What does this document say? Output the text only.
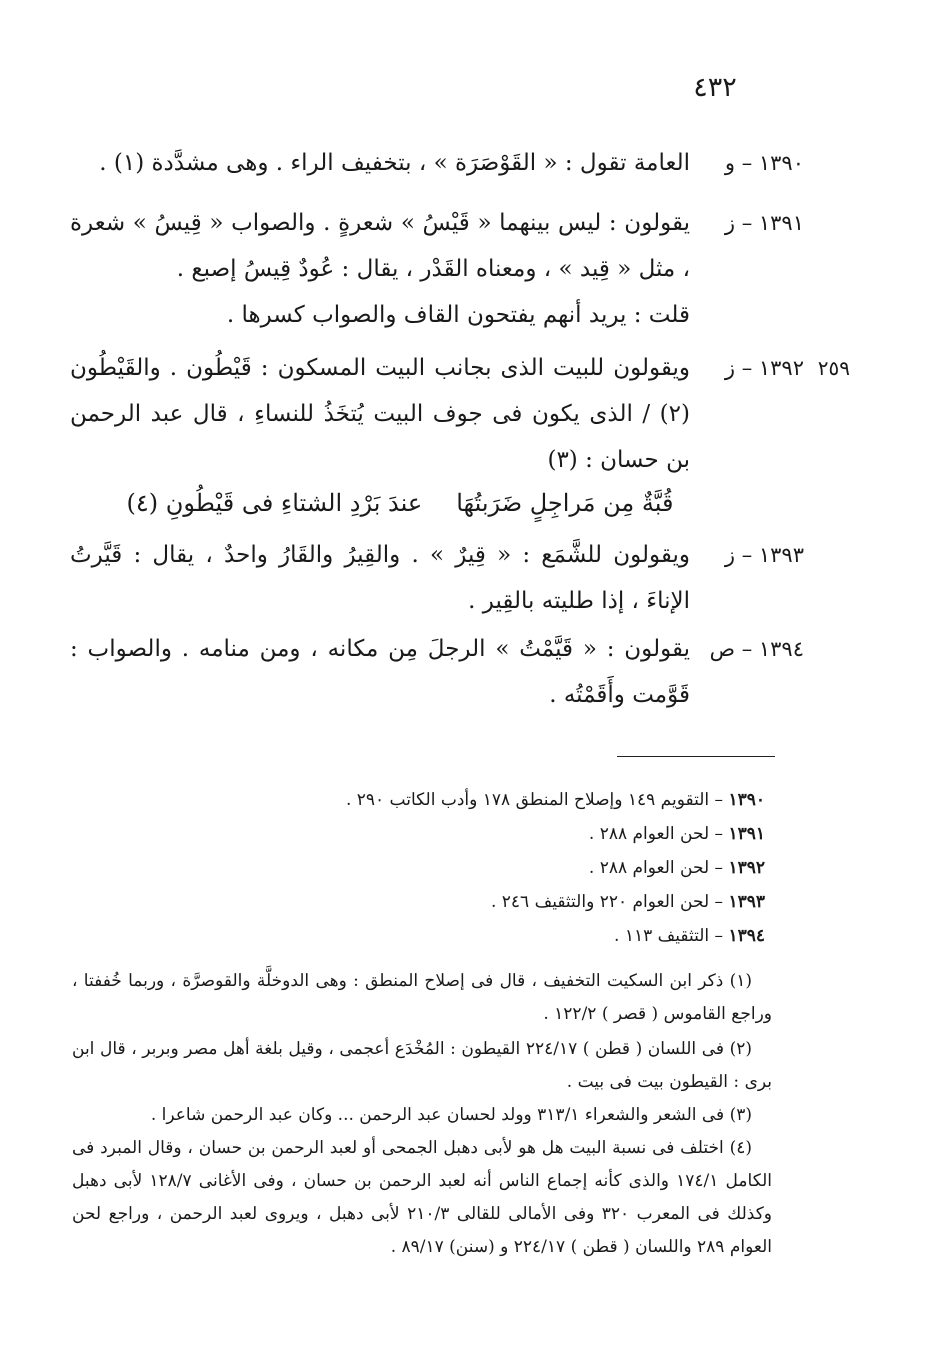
٤٣٢
١٣٩٠ – و
العامة تقول : « القَوْصَرَة » ، بتخفيف الراء . وهى مشدَّدة (١) .
١٣٩١ – ز
يقولون : ليس بينهما « قَيْسُ » شعرةٍ . والصواب « قِيسُ » شعرة ، مثل « قِيد » ، ومعناه القَدْر ، يقال : عُودٌ قِيسُ إصبع .
قلت : يريد أنهم يفتحون القاف والصواب كسرها .
٢٥٩
١٣٩٢ – ز
ويقولون للبيت الذى بجانب البيت المسكون : قَيْطُون . والقَيْطُون (٢) / الذى يكون فى جوف البيت يُتخَذُ للنساءِ ، قال عبد الرحمن بن حسان : (٣)
قُبَّةٌ مِن مَراجِلٍ ضَرَبتُهَا
عندَ بَرْدِ الشتاءِ فى قَيْطُونِ (٤)
١٣٩٣ – ز
ويقولون للشَّمَع : « قِيرٌ » . والقِيرُ والقَارُ واحدٌ ، يقال : قَيَّرتُ الإناءَ ، إذا طليته بالقِير .
١٣٩٤ – ص
يقولون : « قَيَّمْتُ » الرجلَ مِن مكانه ، ومن منامه . والصواب : قَوَّمت وأَقَمْتُه .
١٣٩٠ – التقويم ١٤٩ وإصلاح المنطق ١٧٨ وأدب الكاتب ٢٩٠ .
١٣٩١ – لحن العوام ٢٨٨ .
١٣٩٢ – لحن العوام ٢٨٨ .
١٣٩٣ – لحن العوام ٢٢٠ والتثقيف ٢٤٦ .
١٣٩٤ – التثقيف ١١٣ .
(١) ذكر ابن السكيت التخفيف ، قال فى إصلاح المنطق : وهى الدوخلَّة والقوصرَّة ، وربما خُففتا ، وراجع القاموس ( قصر ) ١٢٢/٢ .
(٢) فى اللسان ( قطن ) ٢٢٤/١٧ القيطون : المُخْدَع أعجمى ، وقيل بلغة أهل مصر وبربر ، قال ابن برى : القيطون بيت فى بيت .
(٣) فى الشعر والشعراء ٣١٣/١ وولد لحسان عبد الرحمن ... وكان عبد الرحمن شاعرا .
(٤) اختلف فى نسبة البيت هل هو لأبى دهبل الجمحى أو لعبد الرحمن بن حسان ، وقال المبرد فى الكامل ١٧٤/١ والذى كأنه إجماع الناس أنه لعبد الرحمن بن حسان ، وفى الأغانى ١٢٨/٧ لأبى دهبل وكذلك فى المعرب ٣٢٠ وفى الأمالى للقالى ٢١٠/٣ لأبى دهبل ، ويروى لعبد الرحمن ، وراجع لحن العوام ٢٨٩ واللسان ( قطن ) ٢٢٤/١٧ و (سنن) ٨٩/١٧ .
